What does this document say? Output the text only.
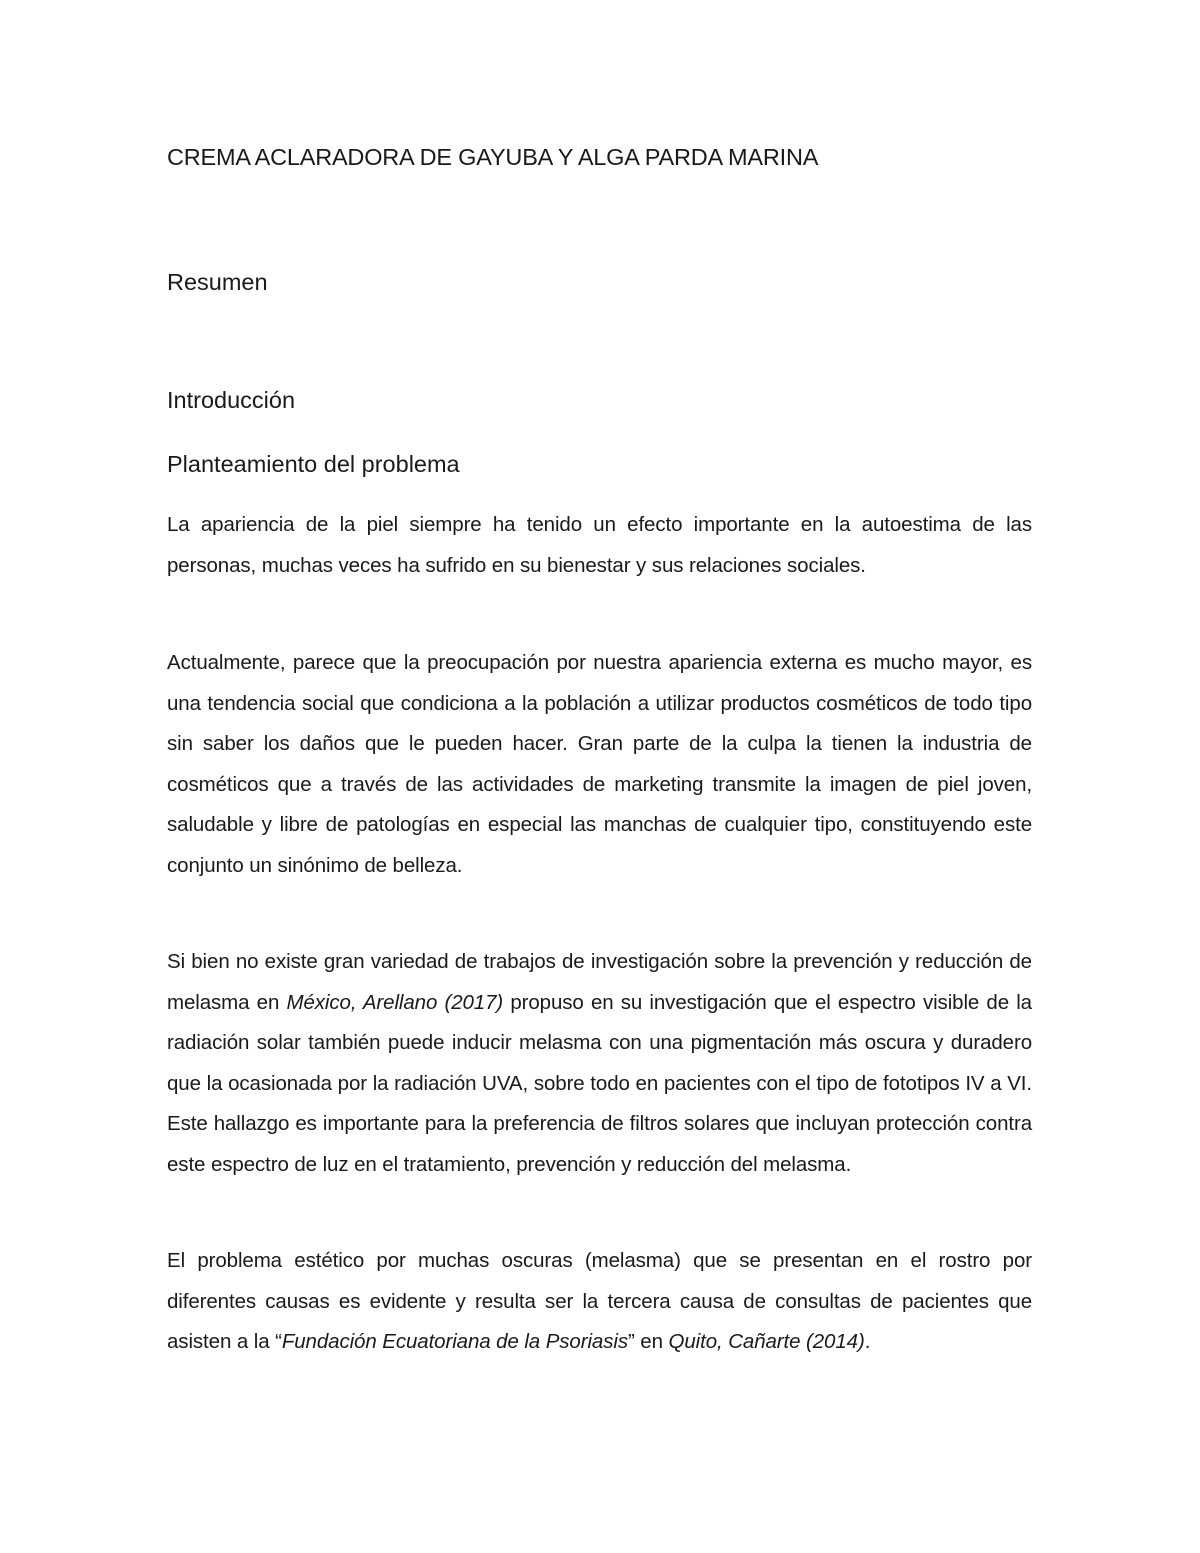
CREMA ACLARADORA DE GAYUBA Y ALGA PARDA MARINA
Resumen
Introducción
Planteamiento del problema

La apariencia de la piel siempre ha tenido un efecto importante en la autoestima de las personas, muchas veces ha sufrido en su bienestar y sus relaciones sociales.

Actualmente, parece que la preocupación por nuestra apariencia externa es mucho mayor, es una tendencia social que condiciona a la población a utilizar productos cosméticos de todo tipo sin saber los daños que le pueden hacer. Gran parte de la culpa la tienen la industria de cosméticos que a través de las actividades de marketing transmite la imagen de piel joven, saludable y libre de patologías en especial las manchas de cualquier tipo, constituyendo este conjunto un sinónimo de belleza.

Si bien no existe gran variedad de trabajos de investigación sobre la prevención y reducción de melasma en México, Arellano (2017) propuso en su investigación que el espectro visible de la radiación solar también puede inducir melasma con una pigmentación más oscura y duradero que la ocasionada por la radiación UVA, sobre todo en pacientes con el tipo de fototipos IV a VI. Este hallazgo es importante para la preferencia de filtros solares que incluyan protección contra este espectro de luz en el tratamiento, prevención y reducción del melasma.

El problema estético por muchas oscuras (melasma) que se presentan en el rostro por diferentes causas es evidente y resulta ser la tercera causa de consultas de pacientes que asisten a la “Fundación Ecuatoriana de la Psoriasis” en Quito, Cañarte (2014).
